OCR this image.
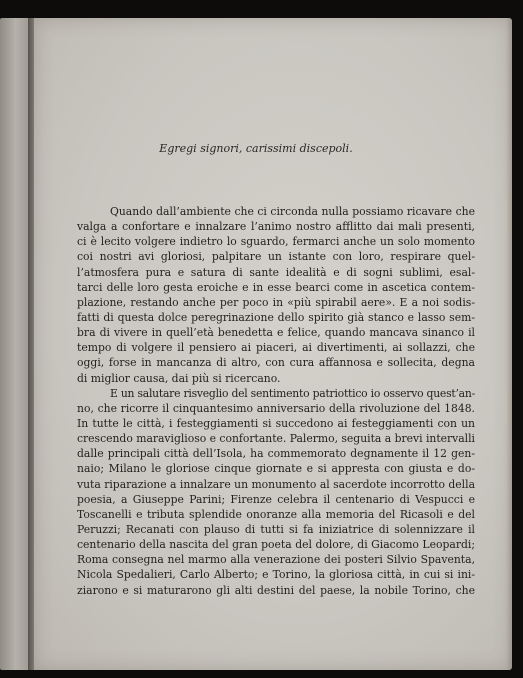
Egregi signori, carissimi discepoli.
Quando dall’ambiente che ci circonda nulla possiamo ricavare che
valga a confortare e innalzare l’animo nostro afflitto dai mali presenti,
ci è lecito volgere indietro lo sguardo, fermarci anche un solo momento
coi nostri avi gloriosi, palpitare un istante con loro, respirare quel-
l’atmosfera pura e satura di sante idealità e di sogni sublimi, esal-
tarci delle loro gesta eroiche e in esse bearci come in ascetica contem-
plazione, restando anche per poco in «più spirabil aere». E a noi sodis-
fatti di questa dolce peregrinazione dello spirito già stanco e lasso sem-
bra di vivere in quell’età benedetta e felice, quando mancava sinanco il
tempo di volgere il pensiero ai piaceri, ai divertimenti, ai sollazzi, che
oggi, forse in mancanza di altro, con cura affannosa e sollecita, degna
di miglior causa, dai più si ricercano.
E un salutare risveglio del sentimento patriottico io osservo quest’an-
no, che ricorre il cinquantesimo anniversario della rivoluzione del 1848.
In tutte le città, i festeggiamenti si succedono ai festeggiamenti con un
crescendo maraviglioso e confortante. Palermo, seguita a brevi intervalli
dalle principali città dell’Isola, ha commemorato degnamente il 12 gen-
naio; Milano le gloriose cinque giornate e si appresta con giusta e do-
vuta riparazione a innalzare un monumento al sacerdote incorrotto della
poesia, a Giuseppe Parini; Firenze celebra il centenario di Vespucci e
Toscanelli e tributa splendide onoranze alla memoria del Ricasoli e del
Peruzzi; Recanati con plauso di tutti si fa iniziatrice di solennizzare il
centenario della nascita del gran poeta del dolore, di Giacomo Leopardi;
Roma consegna nel marmo alla venerazione dei posteri Silvio Spaventa,
Nicola Spedalieri, Carlo Alberto; e Torino, la gloriosa città, in cui si ini-
ziarono e si maturarono gli alti destini del paese, la nobile Torino, che
